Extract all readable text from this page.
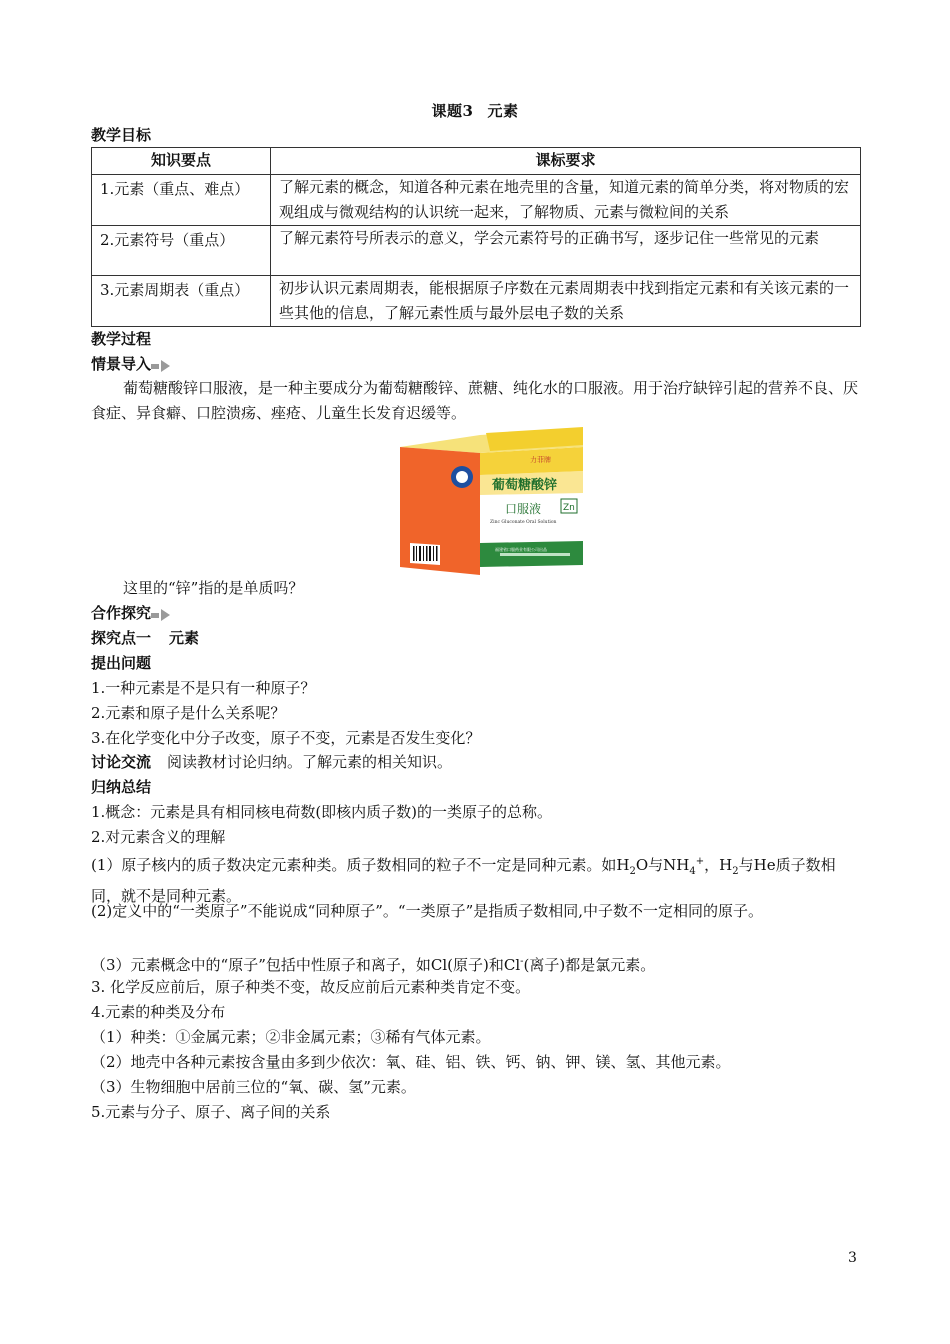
课题3 元素
教学目标
知识要点	课标要求
1.元素（重点、难点）	了解元素的概念，知道各种元素在地壳里的含量，知道元素的简单分类，将对物质的宏观组成与微观结构的认识统一起来，了解物质、元素与微粒间的关系
2.元素符号（重点）	了解元素符号所表示的意义，学会元素符号的正确书写，逐步记住一些常见的元素
3.元素周期表（重点）	初步认识元素周期表，能根据原子序数在元素周期表中找到指定元素和有关该元素的一些其他的信息，了解元素性质与最外层电子数的关系
教学过程
情景导入
葡萄糖酸锌口服液，是一种主要成分为葡萄糖酸锌、蔗糖、纯化水的口服液。用于治疗缺锌引起的营养不良、厌食症、异食癖、口腔溃疡、痤疮、儿童生长发育迟缓等。
力菲牌
葡萄糖酸锌
口服液 Zn
Zinc Gluconate Oral Solution
福建省口服药业有限公司出品
净含量 100ml (10ml×10支)
这里的“锌”指的是单质吗？
合作探究
探究点一 元素
提出问题
1.一种元素是不是只有一种原子？
2.元素和原子是什么关系呢？
3.在化学变化中分子改变，原子不变，元素是否发生变化？
讨论交流 阅读教材讨论归纳。了解元素的相关知识。
归纳总结
1.概念：元素是具有相同核电荷数(即核内质子数)的一类原子的总称。
2.对元素含义的理解
(1）原子核内的质子数决定元素种类。质子数相同的粒子不一定是同种元素。如$H_2O$与$NH_4^+$，$H_2$与He质子数相同，就不是同种元素。
(2)定义中的“一类原子”不能说成“同种原子”。“一类原子”是指质子数相同,中子数不一定相同的原子。
（3）元素概念中的“原子”包括中性原子和离子，如Cl(原子)和Cl-(离子)都是氯元素。
3. 化学反应前后，原子种类不变，故反应前后元素种类肯定不变。
4.元素的种类及分布
（1）种类：①金属元素；②非金属元素；③稀有气体元素。
（2）地壳中各种元素按含量由多到少依次：氧、硅、铝、铁、钙、钠、钾、镁、氢、其他元素。
（3）生物细胞中居前三位的“氧、碳、氢”元素。
5.元素与分子、原子、离子间的关系
3
